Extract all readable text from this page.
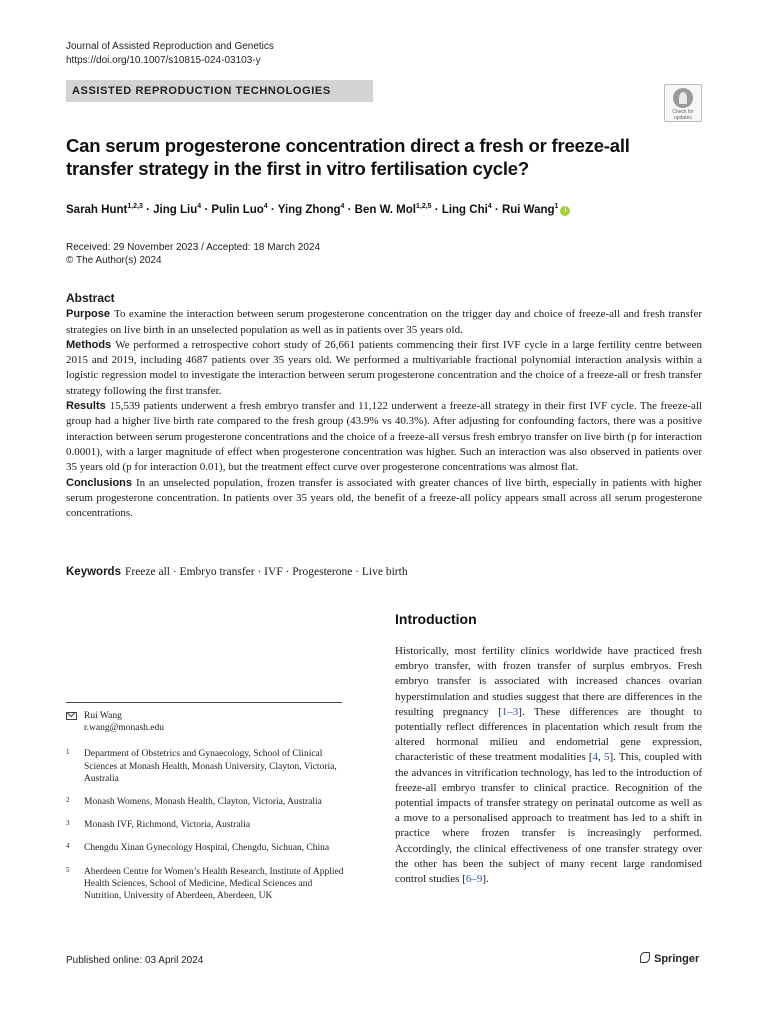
Journal of Assisted Reproduction and Genetics
https://doi.org/10.1007/s10815-024-03103-y
ASSISTED REPRODUCTION TECHNOLOGIES
Check for updates
Can serum progesterone concentration direct a fresh or freeze-all transfer strategy in the first in vitro fertilisation cycle?
Sarah Hunt$^{1,2,3}$ · Jing Liu$^4$ · Pulin Luo$^4$ · Ying Zhong$^4$ · Ben W. Mol$^{1,2,5}$ · Ling Chi$^4$ · Rui Wang$^1$i
Received: 29 November 2023 / Accepted: 18 March 2024
© The Author(s) 2024
Abstract

Purpose To examine the interaction between serum progesterone concentration on the trigger day and choice of freeze-all and fresh transfer strategies on live birth in an unselected population as well as in patients over 35 years old.

Methods We performed a retrospective cohort study of 26,661 patients commencing their first IVF cycle in a large fertility centre between 2015 and 2019, including 4687 patients over 35 years old. We performed a multivariable fractional polynomial interaction analysis within a logistic regression model to investigate the interaction between serum progesterone concentration and the choice of a freeze-all or fresh transfer strategy following the first transfer.

Results 15,539 patients underwent a fresh embryo transfer and 11,122 underwent a freeze-all strategy in their first IVF cycle. The freeze-all group had a higher live birth rate compared to the fresh group (43.9% vs 40.3%). After adjusting for confounding factors, there was a positive interaction between serum progesterone concentrations and the choice of a freeze-all versus fresh embryo transfer on live birth (p for interaction 0.0001), with a larger magnitude of effect when progesterone concentration was higher. Such an interaction was also observed in patients over 35 years old (p for interaction 0.01), but the treatment effect curve over progesterone concentrations was almost flat.

Conclusions In an unselected population, frozen transfer is associated with greater chances of live birth, especially in patients with higher serum progesterone concentration. In patients over 35 years old, the benefit of a freeze-all policy appears small across all serum progesterone concentrations.

Keywords Freeze all · Embryo transfer · IVF · Progesterone · Live birth
Introduction

Historically, most fertility clinics worldwide have practiced fresh embryo transfer, with frozen transfer of surplus embryos. Fresh embryo transfer is associated with increased chances ovarian hyperstimulation and studies suggest that there are differences in the resulting pregnancy [1–3]. These differences are thought to potentially reflect differences in placentation which result from the altered hormonal milieu and endometrial gene expression, characteristic of these treatment modalities [4, 5]. This, coupled with the advances in vitrification technology, has led to the introduction of freeze-all embryo transfer to clinical practice. Recognition of the potential impacts of transfer strategy on perinatal outcome as well as a move to a personalised approach to treatment has led to a shift in practice where frozen transfer is increasingly performed. Accordingly, the clinical effectiveness of one transfer strategy over the other has been the subject of many recent large randomised control studies [6–9].

Rui Wang
r.wang@monash.edu
1 Department of Obstetrics and Gynaecology, School of Clinical Sciences at Monash Health, Monash University, Clayton, Victoria, Australia
2 Monash Womens, Monash Health, Clayton, Victoria, Australia
3 Monash IVF, Richmond, Victoria, Australia
4 Chengdu Xinan Gynecology Hospital, Chengdu, Sichuan, China
5 Aberdeen Centre for Women’s Health Research, Institute of Applied Health Sciences, School of Medicine, Medical Sciences and Nutrition, University of Aberdeen, Aberdeen, UK
Published online: 03 April 2024	Springer
